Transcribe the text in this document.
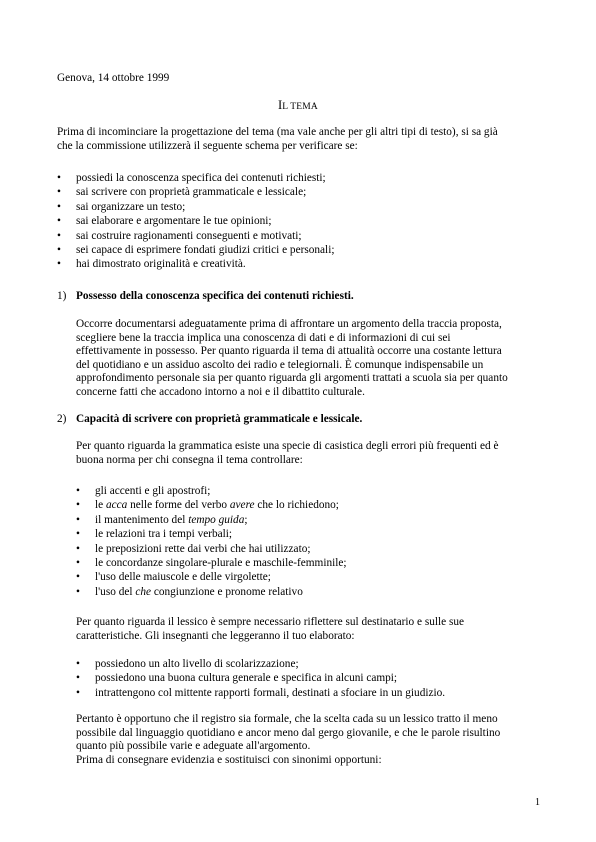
Genova, 14 ottobre 1999
IL TEMA
Prima di incominciare la progettazione del tema (ma vale anche per gli altri tipi di testo), si sa già
che la commissione utilizzerà il seguente schema per verificare se:
• possiedi la conoscenza specifica dei contenuti richiesti;
• sai scrivere con proprietà grammaticale e lessicale;
• sai organizzare un testo;
• sai elaborare e argomentare le tue opinioni;
• sai costruire ragionamenti conseguenti e motivati;
• sei capace di esprimere fondati giudizi critici e personali;
• hai dimostrato originalità e creatività.
1) Possesso della conoscenza specifica dei contenuti richiesti.
Occorre documentarsi adeguatamente prima di affrontare un argomento della traccia proposta,
scegliere bene la traccia implica una conoscenza di dati e di informazioni di cui sei
effettivamente in possesso. Per quanto riguarda il tema di attualità occorre una costante lettura
del quotidiano e un assiduo ascolto dei radio e telegiornali. È comunque indispensabile un
approfondimento personale sia per quanto riguarda gli argomenti trattati a scuola sia per quanto
concerne fatti che accadono intorno a noi e il dibattito culturale.
2) Capacità di scrivere con proprietà grammaticale e lessicale.
Per quanto riguarda la grammatica esiste una specie di casistica degli errori più frequenti ed è
buona norma per chi consegna il tema controllare:
• gli accenti e gli apostrofi;
• le acca nelle forme del verbo avere che lo richiedono;
• il mantenimento del tempo guida;
• le relazioni tra i tempi verbali;
• le preposizioni rette dai verbi che hai utilizzato;
• le concordanze singolare-plurale e maschile-femminile;
• l'uso delle maiuscole e delle virgolette;
• l'uso del che congiunzione e pronome relativo
Per quanto riguarda il lessico è sempre necessario riflettere sul destinatario e sulle sue
caratteristiche. Gli insegnanti che leggeranno il tuo elaborato:
• possiedono un alto livello di scolarizzazione;
• possiedono una buona cultura generale e specifica in alcuni campi;
• intrattengono col mittente rapporti formali, destinati a sfociare in un giudizio.
Pertanto è opportuno che il registro sia formale, che la scelta cada su un lessico tratto il meno
possibile dal linguaggio quotidiano e ancor meno dal gergo giovanile, e che le parole risultino
quanto più possibile varie e adeguate all'argomento.
Prima di consegnare evidenzia e sostituisci con sinonimi opportuni:
1
